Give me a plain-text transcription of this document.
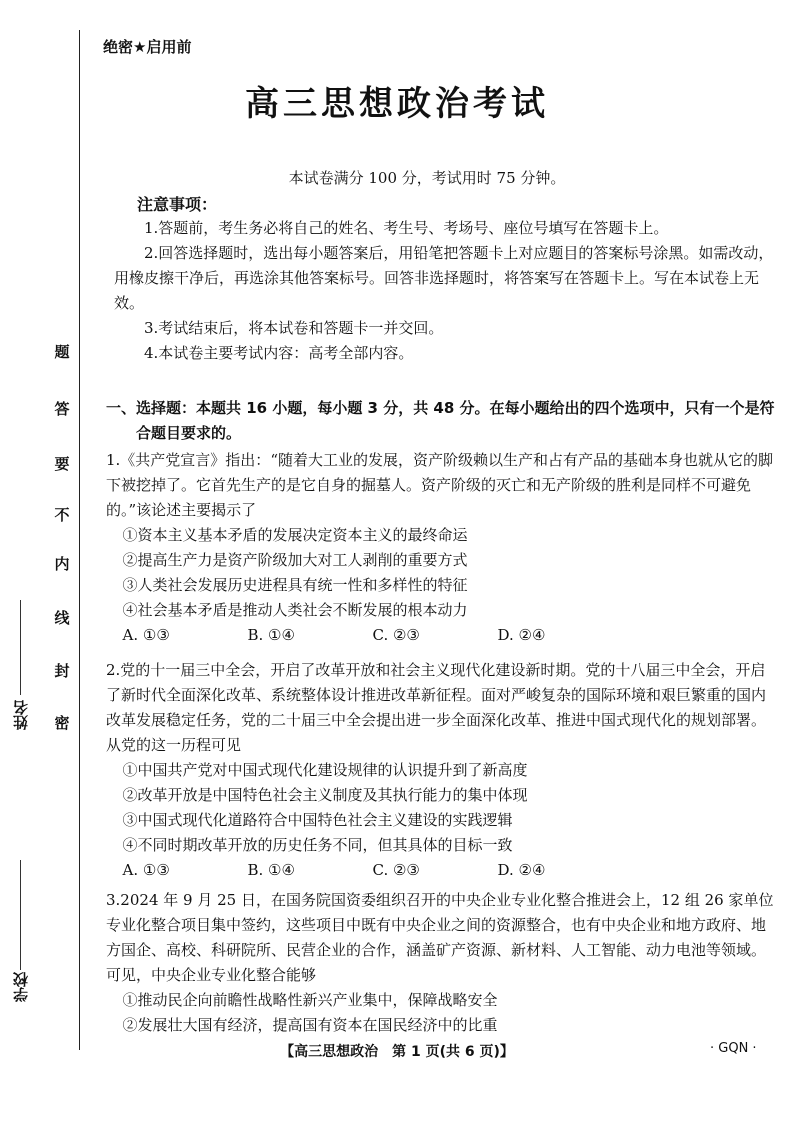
题
答
要
不
内
线
封
密
姓名
学校
绝密★启用前
高三思想政治考试
本试卷满分 100 分，考试用时 75 分钟。
注意事项：

1.答题前，考生务必将自己的姓名、考生号、考场号、座位号填写在答题卡上。

2.回答选择题时，选出每小题答案后，用铅笔把答题卡上对应题目的答案标号涂黑。如需改动，用橡皮擦干净后，再选涂其他答案标号。回答非选择题时，将答案写在答题卡上。写在本试卷上无效。

3.考试结束后，将本试卷和答题卡一并交回。

4.本试卷主要考试内容：高考全部内容。

一、选择题：本题共 16 小题，每小题 3 分，共 48 分。在每小题给出的四个选项中，只有一个是符
合题目要求的。

1.《共产党宣言》指出：“随着大工业的发展，资产阶级赖以生产和占有产品的基础本身也就从它的脚下被挖掉了。它首先生产的是它自身的掘墓人。资产阶级的灭亡和无产阶级的胜利是同样不可避免的。”该论述主要揭示了

①资本主义基本矛盾的发展决定资本主义的最终命运

②提高生产力是资产阶级加大对工人剥削的重要方式

③人类社会发展历史进程具有统一性和多样性的特征

④社会基本矛盾是推动人类社会不断发展的根本动力

A. ①③	B. ①④	C. ②③	D. ②④

2.党的十一届三中全会，开启了改革开放和社会主义现代化建设新时期。党的十八届三中全会，开启了新时代全面深化改革、系统整体设计推进改革新征程。面对严峻复杂的国际环境和艰巨繁重的国内改革发展稳定任务，党的二十届三中全会提出进一步全面深化改革、推进中国式现代化的规划部署。从党的这一历程可见

①中国共产党对中国式现代化建设规律的认识提升到了新高度

②改革开放是中国特色社会主义制度及其执行能力的集中体现

③中国式现代化道路符合中国特色社会主义建设的实践逻辑

④不同时期改革开放的历史任务不同，但其具体的目标一致

A. ①③	B. ①④	C. ②③	D. ②④

3.2024 年 9 月 25 日，在国务院国资委组织召开的中央企业专业化整合推进会上，12 组 26 家单位专业化整合项目集中签约，这些项目中既有中央企业之间的资源整合，也有中央企业和地方政府、地方国企、高校、科研院所、民营企业的合作，涵盖矿产资源、新材料、人工智能、动力电池等领域。可见，中央企业专业化整合能够

①推动民企向前瞻性战略性新兴产业集中，保障战略安全

②发展壮大国有经济，提高国有资本在国民经济中的比重

【高三思想政治　第 1 页(共 6 页)】	· GQN ·
